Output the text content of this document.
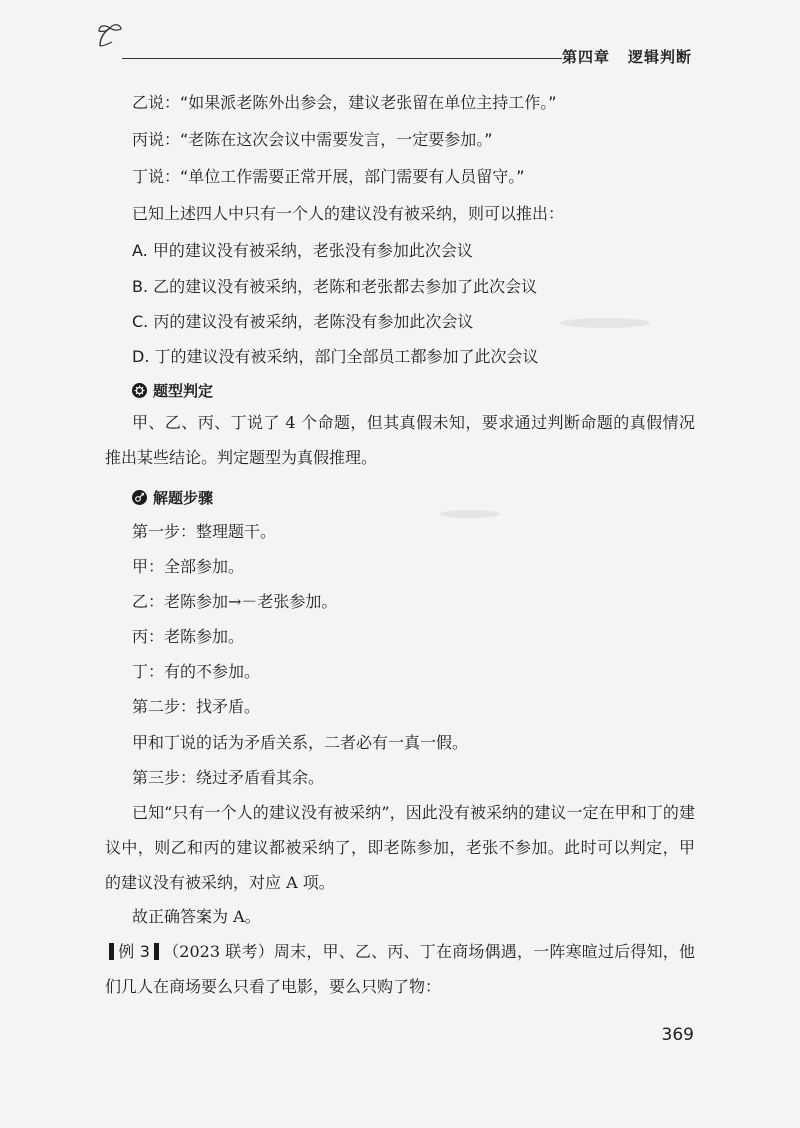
第四章 逻辑判断
乙说：“如果派老陈外出参会，建议老张留在单位主持工作。”
丙说：“老陈在这次会议中需要发言，一定要参加。”
丁说：“单位工作需要正常开展，部门需要有人员留守。”
已知上述四人中只有一个人的建议没有被采纳，则可以推出：
A. 甲的建议没有被采纳，老张没有参加此次会议
B. 乙的建议没有被采纳，老陈和老张都去参加了此次会议
C. 丙的建议没有被采纳，老陈没有参加此次会议
D. 丁的建议没有被采纳，部门全部员工都参加了此次会议
题型判定
甲、乙、丙、丁说了 4 个命题，但其真假未知，要求通过判断命题的真假情况推出某些结论。判定题型为真假推理。
解题步骤
第一步：整理题干。
甲：全部参加。
乙：老陈参加→－老张参加。
丙：老陈参加。
丁：有的不参加。
第二步：找矛盾。
甲和丁说的话为矛盾关系，二者必有一真一假。
第三步：绕过矛盾看其余。
已知“只有一个人的建议没有被采纳”，因此没有被采纳的建议一定在甲和丁的建议中，则乙和丙的建议都被采纳了，即老陈参加，老张不参加。此时可以判定，甲的建议没有被采纳，对应 A 项。
故正确答案为 A。
例 3 （2023 联考）周末，甲、乙、丙、丁在商场偶遇，一阵寒暄过后得知，他们几人在商场要么只看了电影，要么只购了物：
369
